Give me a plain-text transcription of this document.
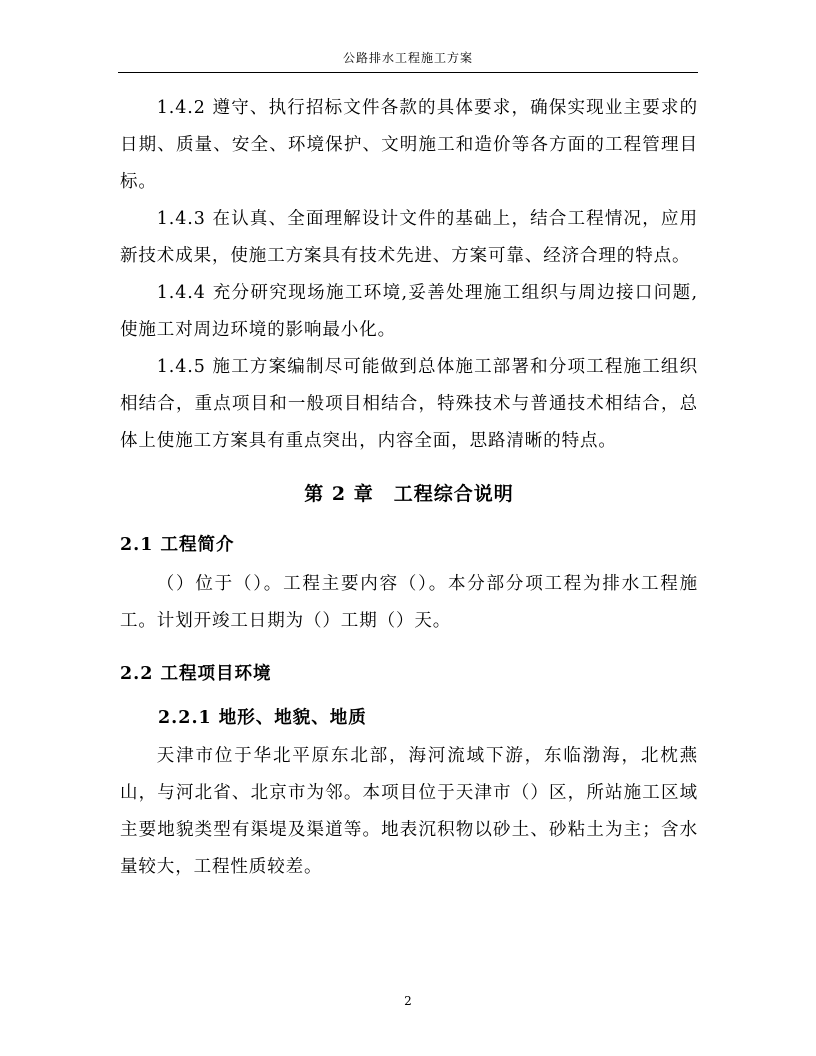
公路排水工程施工方案

1.4.2 遵守、执行招标文件各款的具体要求，确保实现业主要求的日期、质量、安全、环境保护、文明施工和造价等各方面的工程管理目标。

1.4.3 在认真、全面理解设计文件的基础上，结合工程情况，应用新技术成果，使施工方案具有技术先进、方案可靠、经济合理的特点。

1.4.4 充分研究现场施工环境,妥善处理施工组织与周边接口问题,使施工对周边环境的影响最小化。

1.4.5 施工方案编制尽可能做到总体施工部署和分项工程施工组织相结合，重点项目和一般项目相结合，特殊技术与普通技术相结合，总体上使施工方案具有重点突出，内容全面，思路清晰的特点。

第 2 章　工程综合说明
2.1 工程简介

（）位于（）。工程主要内容（）。本分部分项工程为排水工程施工。计划开竣工日期为（）工期（）天。

2.2 工程项目环境
2.2.1 地形、地貌、地质

天津市位于华北平原东北部，海河流域下游，东临渤海，北枕燕山，与河北省、北京市为邻。本项目位于天津市（）区，所站施工区域主要地貌类型有渠堤及渠道等。地表沉积物以砂土、砂粘土为主；含水量较大，工程性质较差。

2
